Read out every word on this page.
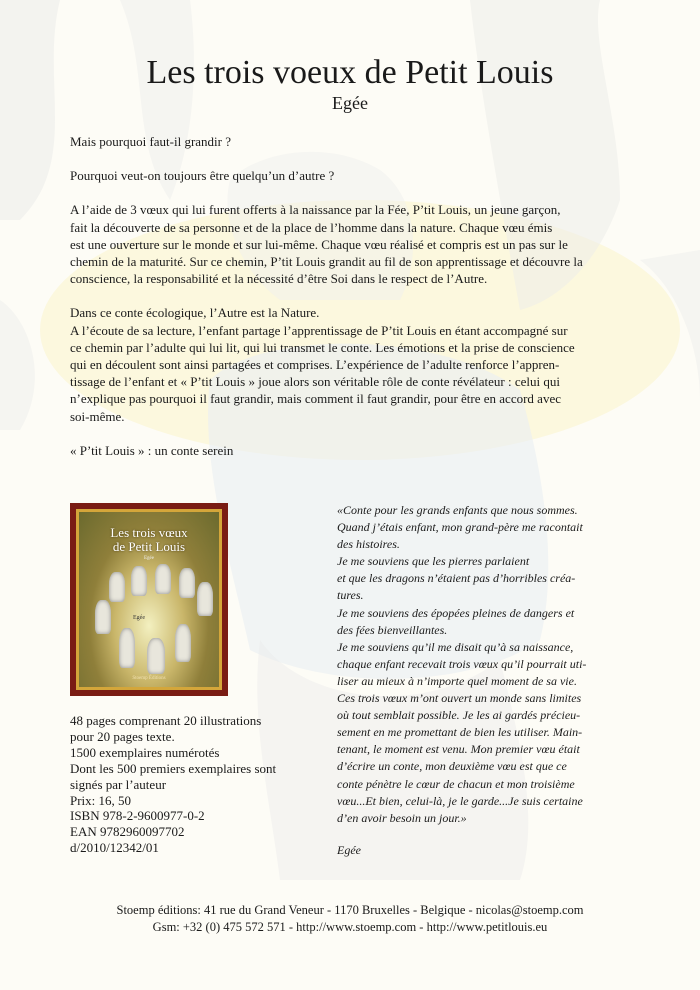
Les trois voeux de Petit Louis
Egée

Mais pourquoi faut-il grandir ?

Pourquoi veut-on toujours être quelqu’un d’autre ?

A l’aide de 3 vœux qui lui furent offerts à la naissance par la Fée, P’tit Louis, un jeune garçon,
fait la découverte de sa personne et de la place de l’homme dans la nature. Chaque vœu émis
est une ouverture sur le monde et sur lui-même. Chaque vœu réalisé et compris est un pas sur le
chemin de la maturité. Sur ce chemin, P’tit Louis grandit au fil de son apprentissage et découvre la
conscience, la responsabilité et la nécessité d’être Soi dans le respect de l’Autre.

Dans ce conte écologique, l’Autre est la Nature.
A l’écoute de sa lecture, l’enfant partage l’apprentissage de P’tit Louis en étant accompagné sur
ce chemin par l’adulte qui lui lit, qui lui transmet le conte. Les émotions et la prise de conscience
qui en découlent sont ainsi partagées et comprises. L’expérience de l’adulte renforce l’appren-
tissage de l’enfant et « P’tit Louis » joue alors son véritable rôle de conte révélateur : celui qui
n’explique pas pourquoi il faut grandir, mais comment il faut grandir, pour être en accord avec
soi-même.

« P’tit Louis » : un conte serein

Les trois vœux
de Petit Louis
Egée
Egée
Stoemp Éditions
48 pages comprenant 20 illustrations
pour 20 pages texte.
1500 exemplaires numérotés
Dont les 500 premiers exemplaires sont
signés par l’auteur
Prix: 16, 50
ISBN 978-2-9600977-0-2
EAN 9782960097702
d/2010/12342/01
«Conte pour les grands enfants que nous sommes.
Quand j’étais enfant, mon grand-père me racontait
des histoires.
Je me souviens que les pierres parlaient
et que les dragons n’étaient pas d’horribles créa-
tures.
Je me souviens des épopées pleines de dangers et
des fées bienveillantes.
Je me souviens qu’il me disait qu’à sa naissance,
chaque enfant recevait trois vœux qu’il pourrait uti-
liser au mieux à n’importe quel moment de sa vie.
Ces trois vœux m’ont ouvert un monde sans limites
où tout semblait possible. Je les ai gardés précieu-
sement en me promettant de bien les utiliser. Main-
tenant, le moment est venu. Mon premier vœu était
d’écrire un conte, mon deuxième vœu est que ce
conte pénètre le cœur de chacun et mon troisième
vœu...Et bien, celui-là, je le garde...Je suis certaine
d’en avoir besoin un jour.»
Egée
Stoemp éditions: 41 rue du Grand Veneur - 1170 Bruxelles - Belgique - nicolas@stoemp.com
Gsm: +32 (0) 475 572 571 - http://www.stoemp.com - http://www.petitlouis.eu
